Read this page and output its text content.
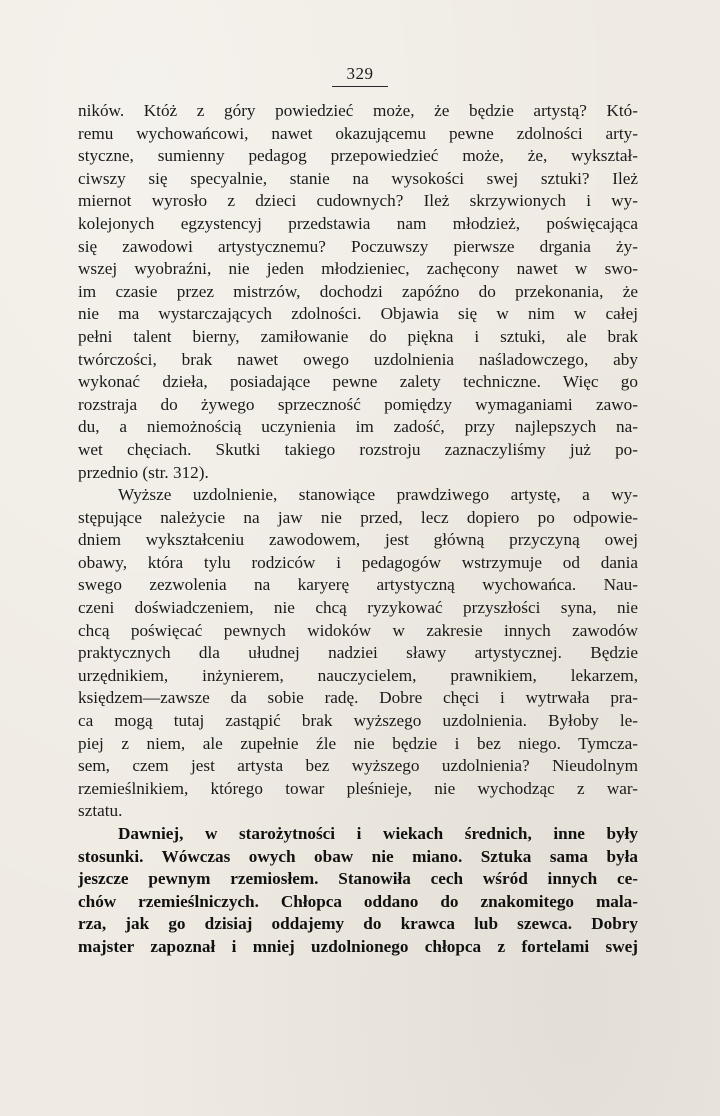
329
ników. Któż z góry powiedzieć może, że będzie artystą? Któ-
remu wychowańcowi, nawet okazującemu pewne zdolności arty-
styczne, sumienny pedagog przepowiedzieć może, że, wykształ-
ciwszy się specyalnie, stanie na wysokości swej sztuki? Ileż
miernot wyrosło z dzieci cudownych? Ileż skrzywionych i wy-
kolejonych egzystencyj przedstawia nam młodzież, poświęcająca
się zawodowi artystycznemu? Poczuwszy pierwsze drgania ży-
wszej wyobraźni, nie jeden młodzieniec, zachęcony nawet w swo-
im czasie przez mistrzów, dochodzi zapóźno do przekonania, że
nie ma wystarczających zdolności. Objawia się w nim w całej
pełni talent bierny, zamiłowanie do piękna i sztuki, ale brak
twórczości, brak nawet owego uzdolnienia naśladowczego, aby
wykonać dzieła, posiadające pewne zalety techniczne. Więc go
rozstraja do żywego sprzeczność pomiędzy wymaganiami zawo-
du, a niemożnością uczynienia im zadość, przy najlepszych na-
wet chęciach. Skutki takiego rozstroju zaznaczyliśmy już po-
przednio (str. 312).
Wyższe uzdolnienie, stanowiące prawdziwego artystę, a wy-
stępujące należycie na jaw nie przed, lecz dopiero po odpowie-
dniem wykształceniu zawodowem, jest główną przyczyną owej
obawy, która tylu rodziców i pedagogów wstrzymuje od dania
swego zezwolenia na karyerę artystyczną wychowańca. Nau-
czeni doświadczeniem, nie chcą ryzykować przyszłości syna, nie
chcą poświęcać pewnych widoków w zakresie innych zawodów
praktycznych dla ułudnej nadziei sławy artystycznej. Będzie
urzędnikiem, inżynierem, nauczycielem, prawnikiem, lekarzem,
księdzem—zawsze da sobie radę. Dobre chęci i wytrwała pra-
ca mogą tutaj zastąpić brak wyższego uzdolnienia. Byłoby le-
piej z niem, ale zupełnie źle nie będzie i bez niego. Tymcza-
sem, czem jest artysta bez wyższego uzdolnienia? Nieudolnym
rzemieślnikiem, którego towar pleśnieje, nie wychodząc z war-
sztatu.
Dawniej, w starożytności i wiekach średnich, inne były
stosunki. Wówczas owych obaw nie miano. Sztuka sama była
jeszcze pewnym rzemiosłem. Stanowiła cech wśród innych ce-
chów rzemieślniczych. Chłopca oddano do znakomitego mala-
rza, jak go dzisiaj oddajemy do krawca lub szewca. Dobry
majster zapoznał i mniej uzdolnionego chłopca z fortelami swej
